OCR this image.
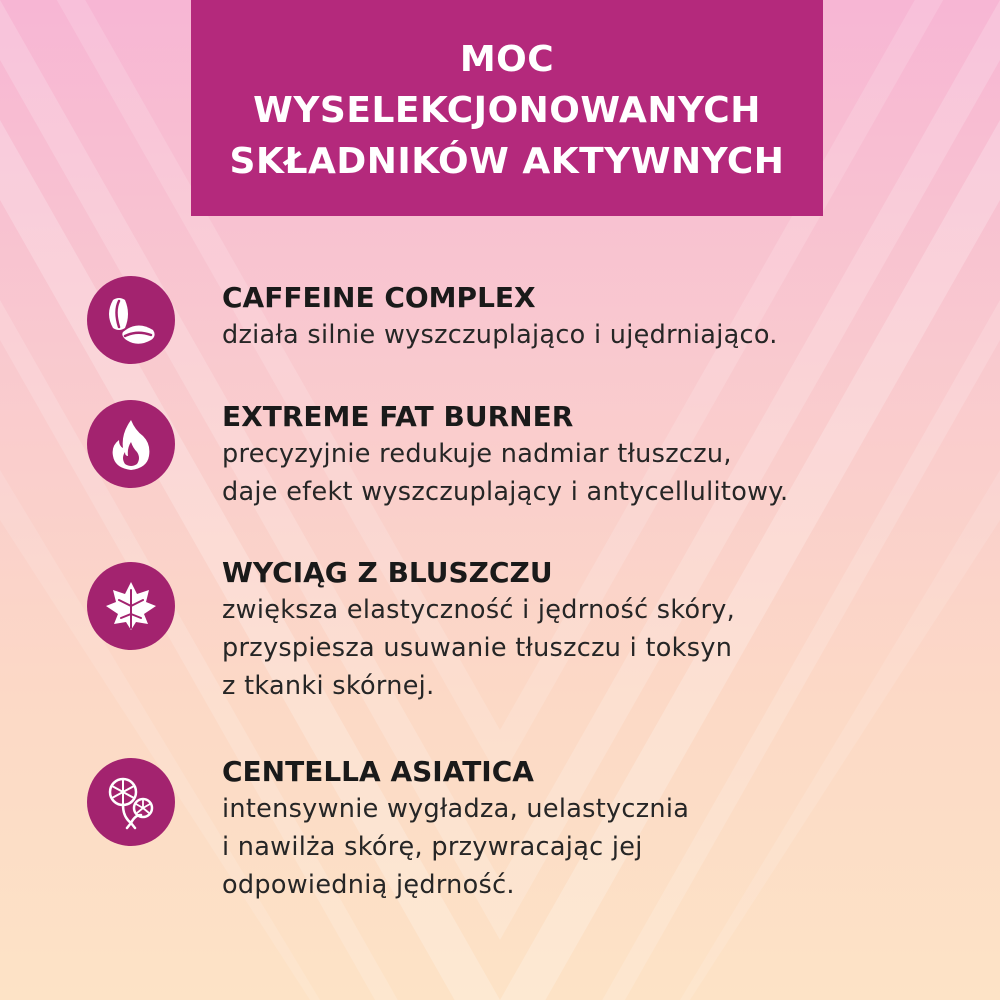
MOC
WYSELEKCJONOWANYCH
SKŁADNIKÓW AKTYWNYCH
CAFFEINE COMPLEX
działa silnie wyszczuplająco i ujędrniająco.
EXTREME FAT BURNER
precyzyjnie redukuje nadmiar tłuszczu,
daje efekt wyszczuplający i antycellulitowy.
WYCIĄG Z BLUSZCZU
zwiększa elastyczność i jędrność skóry,
przyspiesza usuwanie tłuszczu i toksyn
z tkanki skórnej.
CENTELLA ASIATICA
intensywnie wygładza, uelastycznia
i nawilża skórę, przywracając jej
odpowiednią jędrność.
